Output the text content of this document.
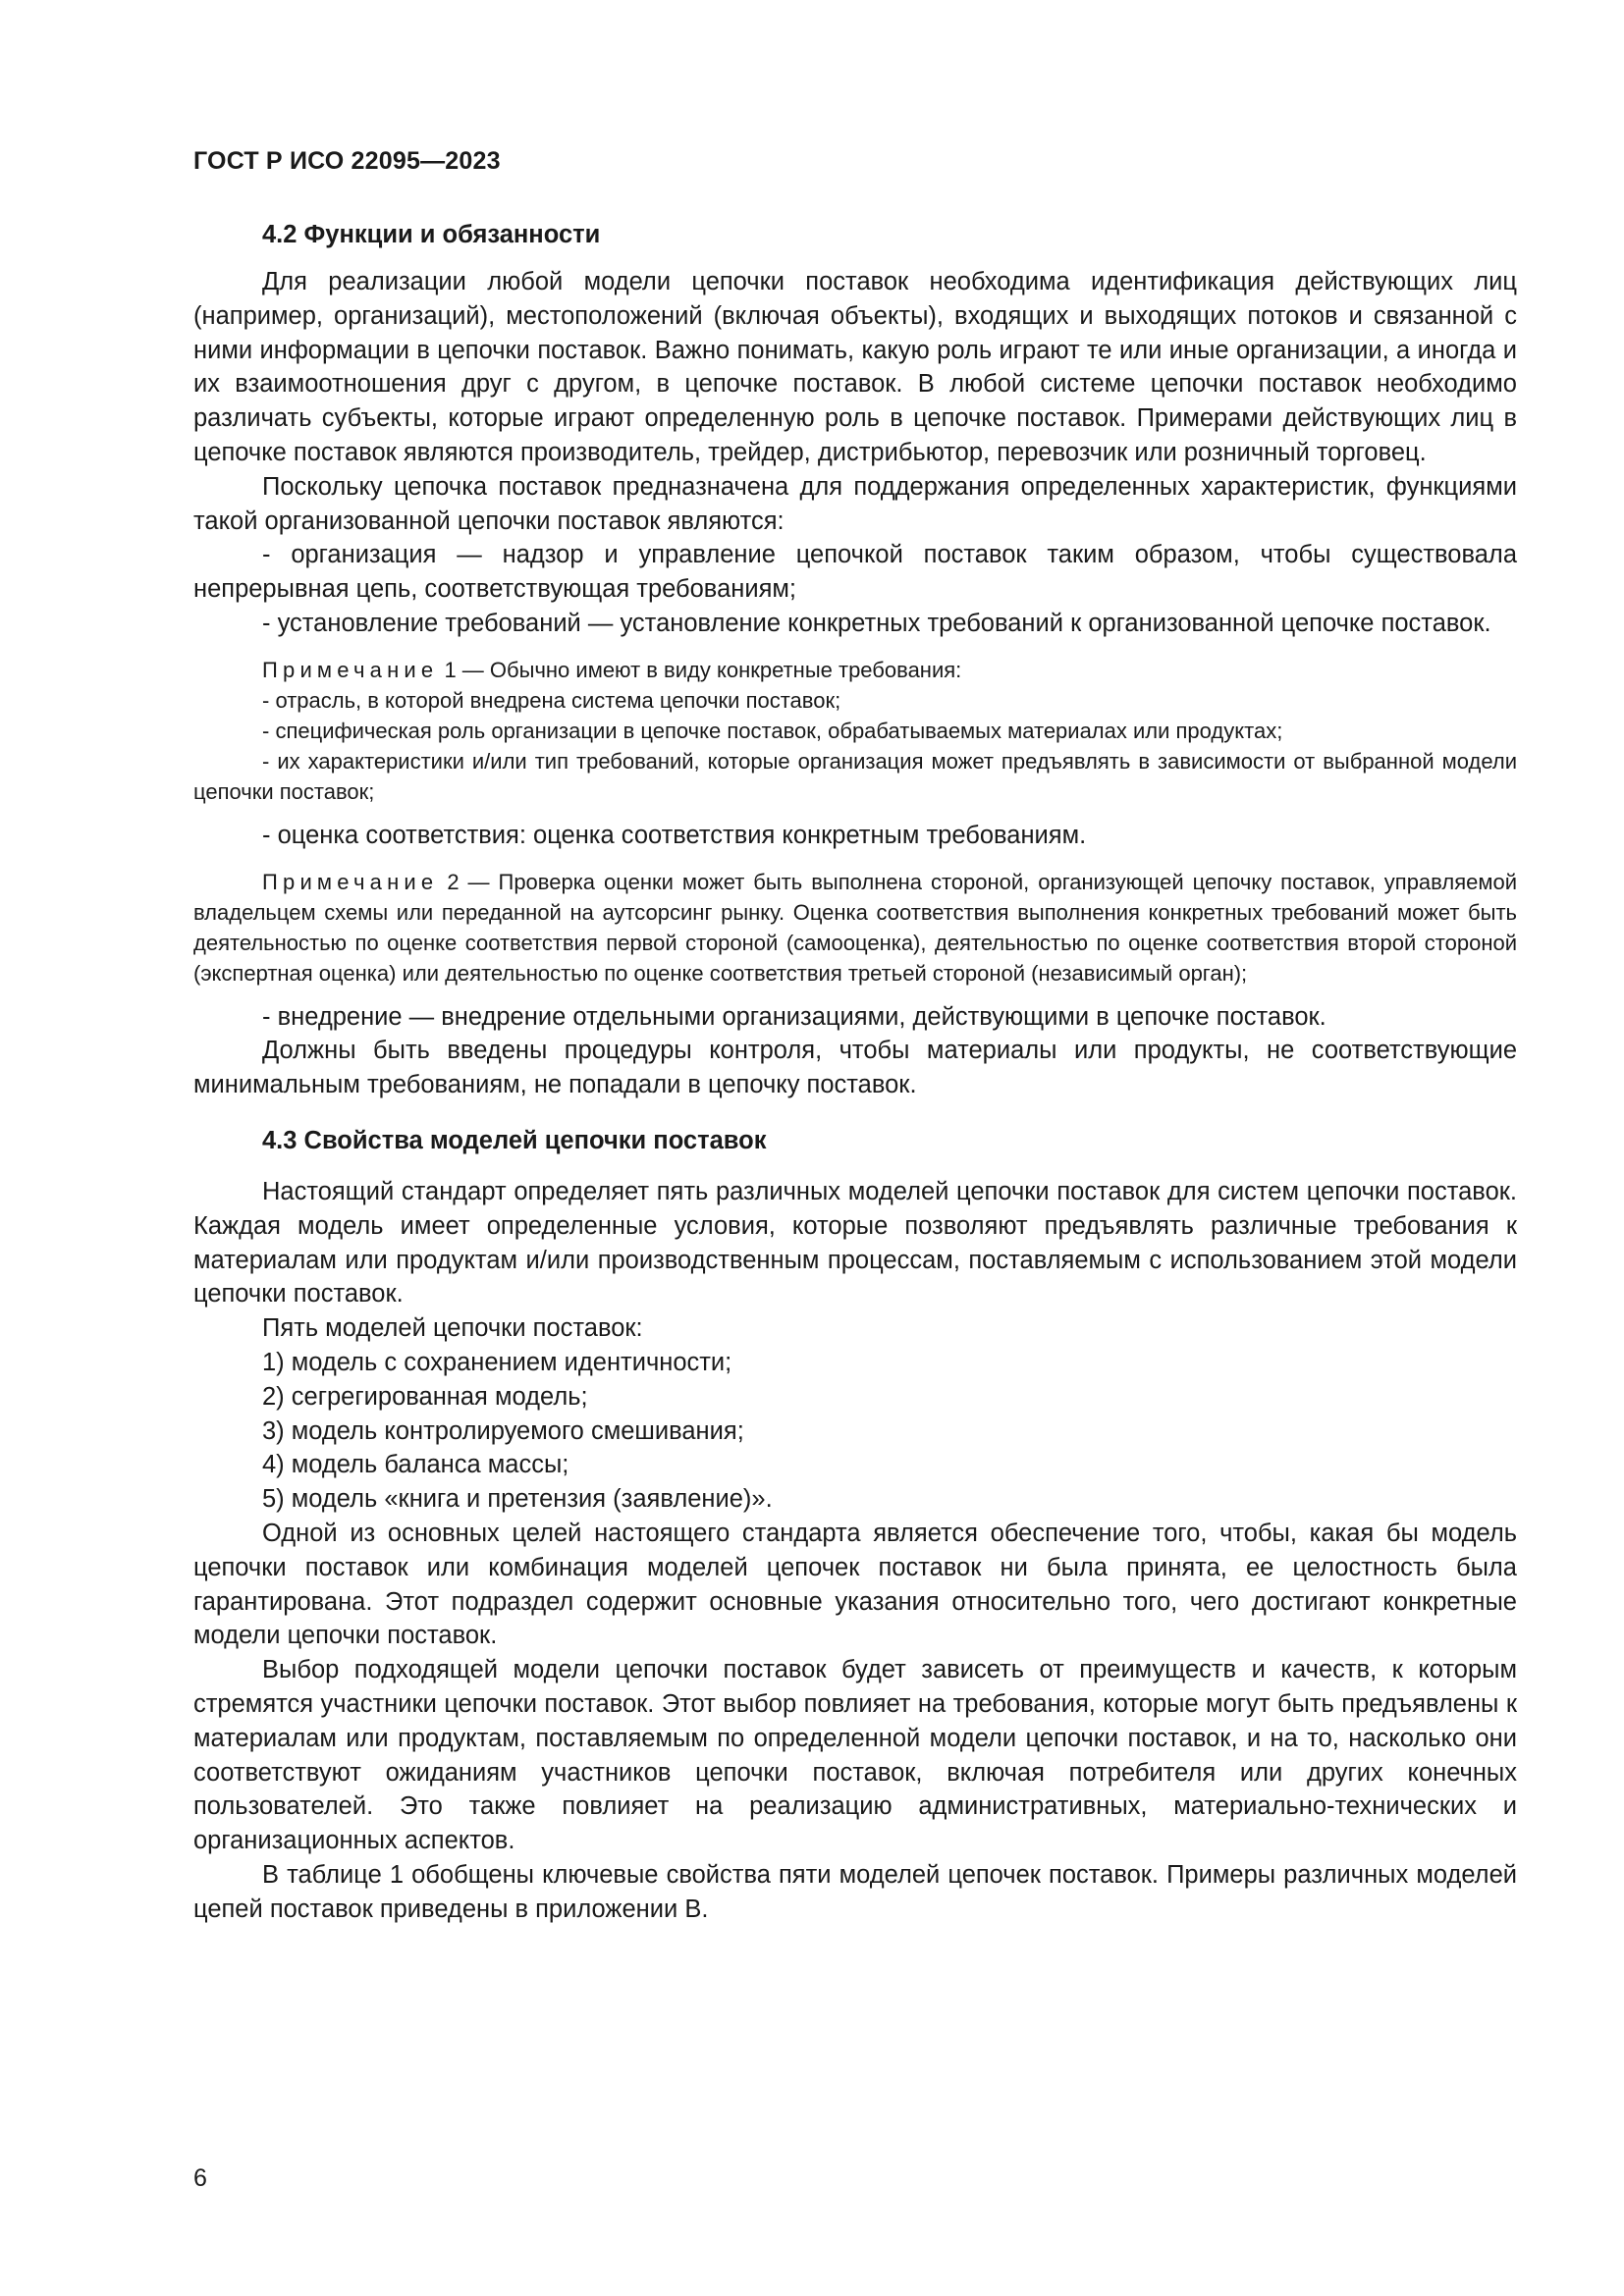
ГОСТ Р ИСО 22095—2023
4.2 Функции и обязанности

Для реализации любой модели цепочки поставок необходима идентификация действующих лиц (например, организаций), местоположений (включая объекты), входящих и выходящих потоков и связанной с ними информации в цепочки поставок. Важно понимать, какую роль играют те или иные организации, а иногда и их взаимоотношения друг с другом, в цепочке поставок. В любой системе цепочки поставок необходимо различать субъекты, которые играют определенную роль в цепочке поставок. Примерами действующих лиц в цепочке поставок являются производитель, трейдер, дистрибьютор, перевозчик или розничный торговец.

Поскольку цепочка поставок предназначена для поддержания определенных характеристик, функциями такой организованной цепочки поставок являются:

- организация — надзор и управление цепочкой поставок таким образом, чтобы существовала непрерывная цепь, соответствующая требованиям;

- установление требований — установление конкретных требований к организованной цепочке поставок.

Примечание 1 — Обычно имеют в виду конкретные требования:

- отрасль, в которой внедрена система цепочки поставок;

- специфическая роль организации в цепочке поставок, обрабатываемых материалах или продуктах;

- их характеристики и/или тип требований, которые организация может предъявлять в зависимости от выбранной модели цепочки поставок;

- оценка соответствия: оценка соответствия конкретным требованиям.

Примечание 2 — Проверка оценки может быть выполнена стороной, организующей цепочку поставок, управляемой владельцем схемы или переданной на аутсорсинг рынку. Оценка соответствия выполнения конкретных требований может быть деятельностью по оценке соответствия первой стороной (самооценка), деятельностью по оценке соответствия второй стороной (экспертная оценка) или деятельностью по оценке соответствия третьей стороной (независимый орган);

- внедрение — внедрение отдельными организациями, действующими в цепочке поставок.

Должны быть введены процедуры контроля, чтобы материалы или продукты, не соответствующие минимальным требованиям, не попадали в цепочку поставок.

4.3 Свойства моделей цепочки поставок

Настоящий стандарт определяет пять различных моделей цепочки поставок для систем цепочки поставок. Каждая модель имеет определенные условия, которые позволяют предъявлять различные требования к материалам или продуктам и/или производственным процессам, поставляемым с использованием этой модели цепочки поставок.

Пять моделей цепочки поставок:

1) модель с сохранением идентичности;

2) сегрегированная модель;

3) модель контролируемого смешивания;

4) модель баланса массы;

5) модель «книга и претензия (заявление)».

Одной из основных целей настоящего стандарта является обеспечение того, чтобы, какая бы модель цепочки поставок или комбинация моделей цепочек поставок ни была принята, ее целостность была гарантирована. Этот подраздел содержит основные указания относительно того, чего достигают конкретные модели цепочки поставок.

Выбор подходящей модели цепочки поставок будет зависеть от преимуществ и качеств, к которым стремятся участники цепочки поставок. Этот выбор повлияет на требования, которые могут быть предъявлены к материалам или продуктам, поставляемым по определенной модели цепочки поставок, и на то, насколько они соответствуют ожиданиям участников цепочки поставок, включая потребителя или других конечных пользователей. Это также повлияет на реализацию административных, материально-технических и организационных аспектов.

В таблице 1 обобщены ключевые свойства пяти моделей цепочек поставок. Примеры различных моделей цепей поставок приведены в приложении В.

6
